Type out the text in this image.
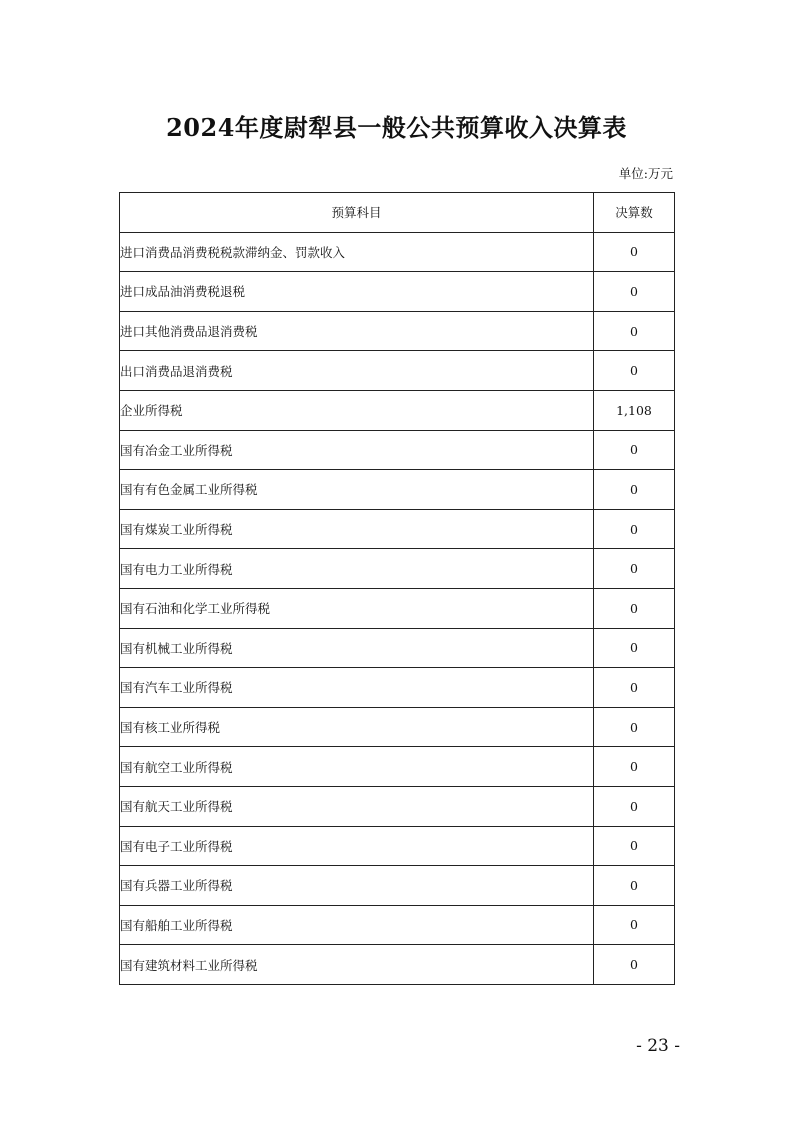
2024年度尉犁县一般公共预算收入决算表
单位:万元
预算科目	决算数
进口消费品消费税税款滞纳金、罚款收入	0
进口成品油消费税退税	0
进口其他消费品退消费税	0
出口消费品退消费税	0
企业所得税	1,108
国有冶金工业所得税	0
国有有色金属工业所得税	0
国有煤炭工业所得税	0
国有电力工业所得税	0
国有石油和化学工业所得税	0
国有机械工业所得税	0
国有汽车工业所得税	0
国有核工业所得税	0
国有航空工业所得税	0
国有航天工业所得税	0
国有电子工业所得税	0
国有兵器工业所得税	0
国有船舶工业所得税	0
国有建筑材料工业所得税	0
- 23 -
